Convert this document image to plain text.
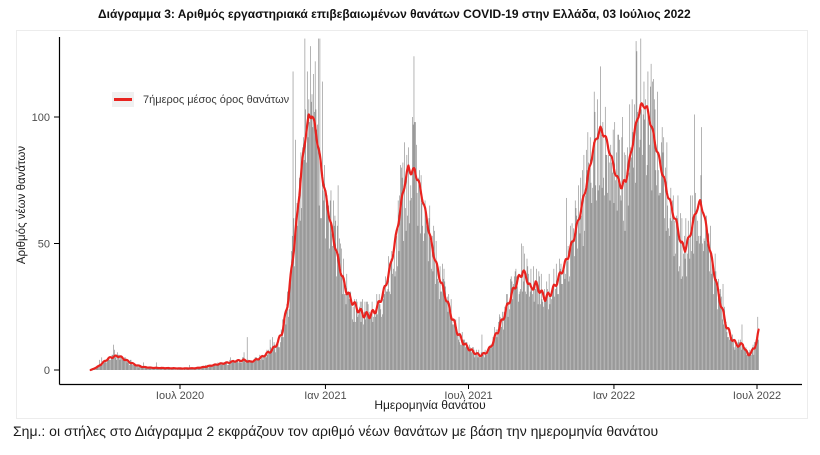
Διάγραμμα 3: Αριθμός εργαστηριακά επιβεβαιωμένων θανάτων COVID-19 στην Ελλάδα, 03 Ιούλιος 2022
0
50
100
Ιουλ 2020	Ιαν 2021	Ιουλ 2021	Ιαν 2022	Ιουλ 2022
Ημερομηνία θανάτου
Αριθμός νέων θανάτων
7ήμερος μέσος όρος θανάτων
Σημ.: οι στήλες στο Διάγραμμα 2 εκφράζουν τον αριθμό νέων θανάτων με βάση την ημερομηνία θανάτου
